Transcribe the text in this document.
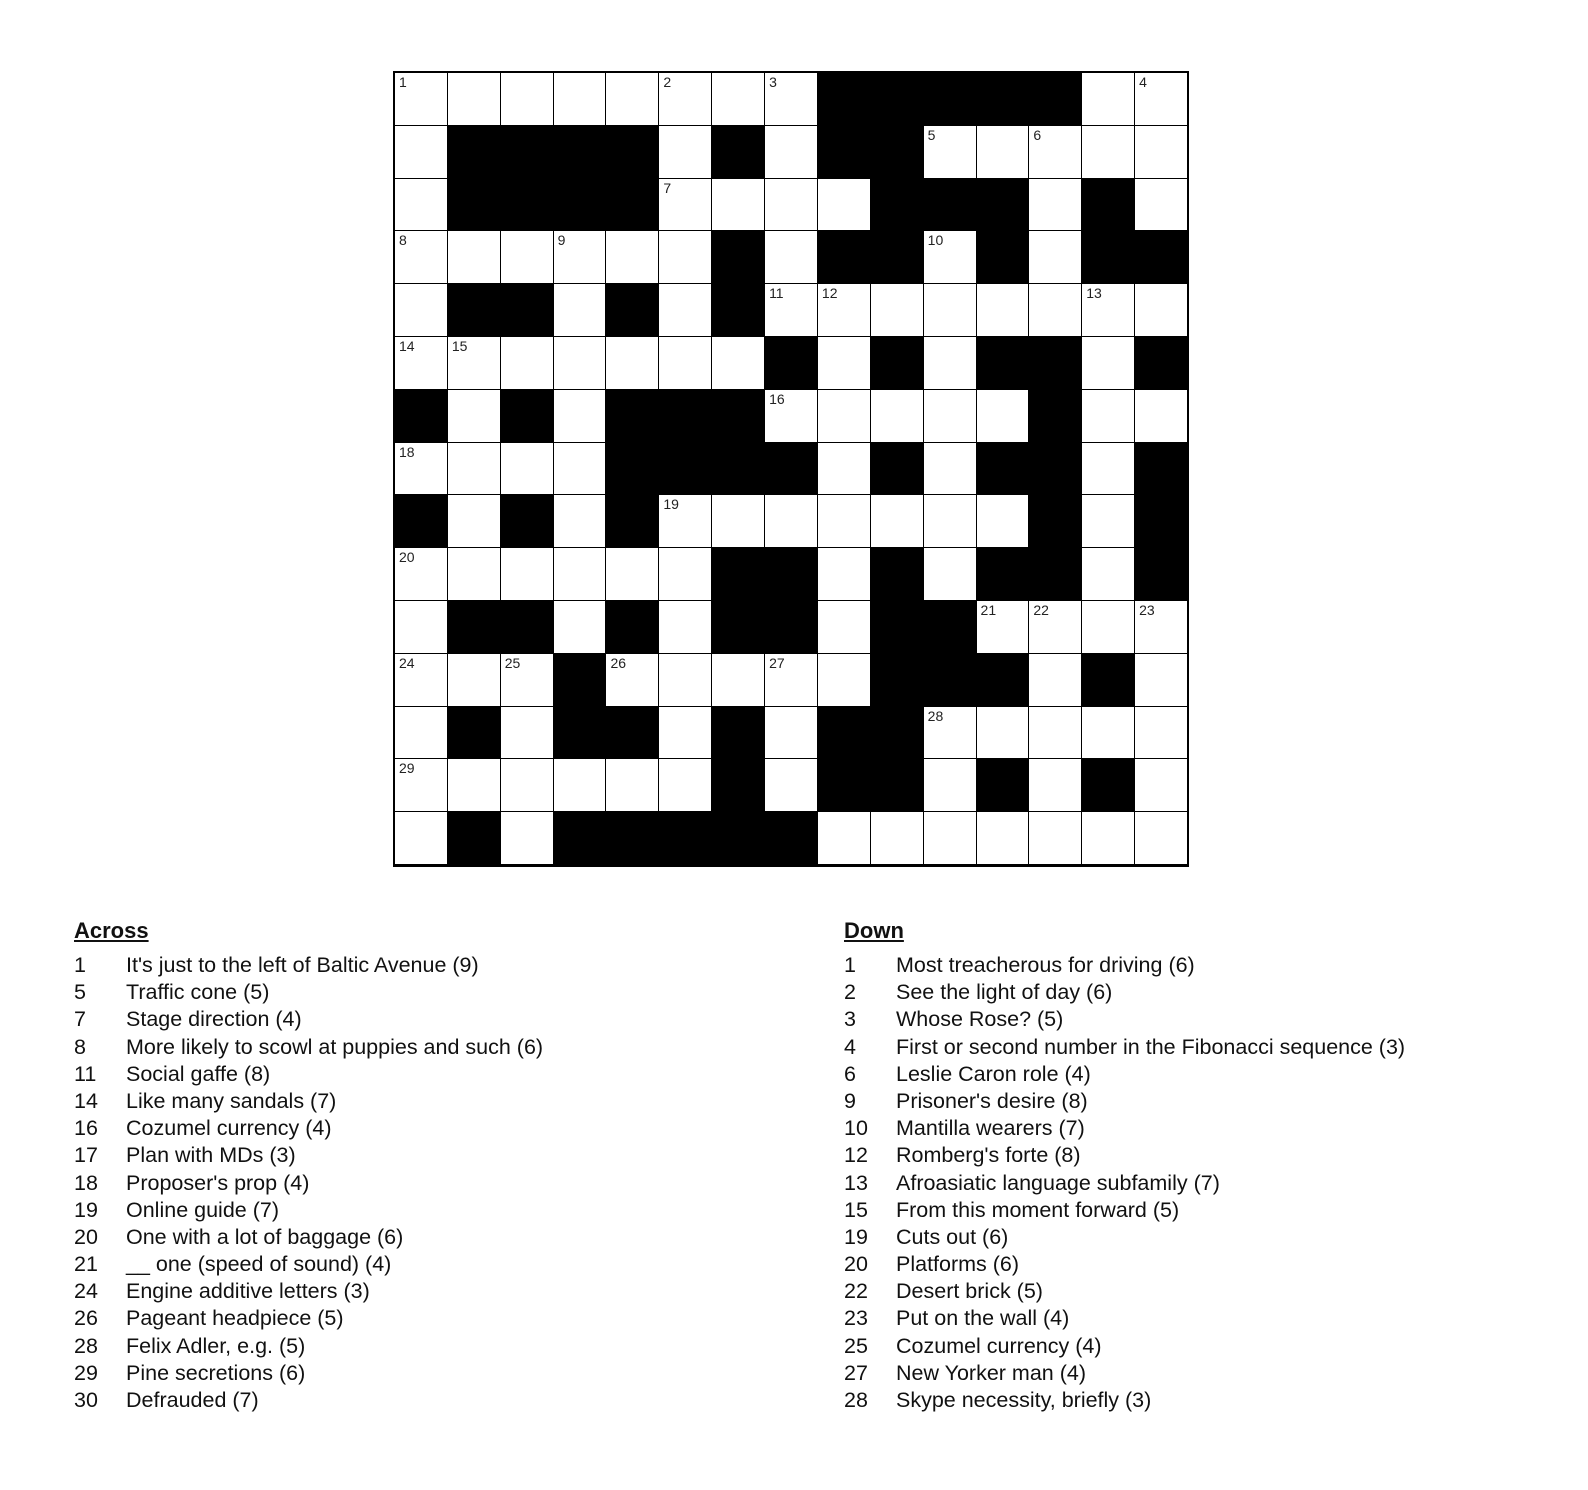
1	2	3	4
5	6
7
8	9	10
11	12	13
14	15
16
18
19
20
21	22	23
24	25	26	27
28
29
Across
1	It's just to the left of Baltic Avenue (9)
5	Traffic cone (5)
7	Stage direction (4)
8	More likely to scowl at puppies and such (6)
11	Social gaffe (8)
14	Like many sandals (7)
16	Cozumel currency (4)
17	Plan with MDs (3)
18	Proposer's prop (4)
19	Online guide (7)
20	One with a lot of baggage (6)
21	__ one (speed of sound) (4)
24	Engine additive letters (3)
26	Pageant headpiece (5)
28	Felix Adler, e.g. (5)
29	Pine secretions (6)
30	Defrauded (7)
Down
1	Most treacherous for driving (6)
2	See the light of day (6)
3	Whose Rose? (5)
4	First or second number in the Fibonacci sequence (3)
6	Leslie Caron role (4)
9	Prisoner's desire (8)
10	Mantilla wearers (7)
12	Romberg's forte (8)
13	Afroasiatic language subfamily (7)
15	From this moment forward (5)
19	Cuts out (6)
20	Platforms (6)
22	Desert brick (5)
23	Put on the wall (4)
25	Cozumel currency (4)
27	New Yorker man (4)
28	Skype necessity, briefly (3)
